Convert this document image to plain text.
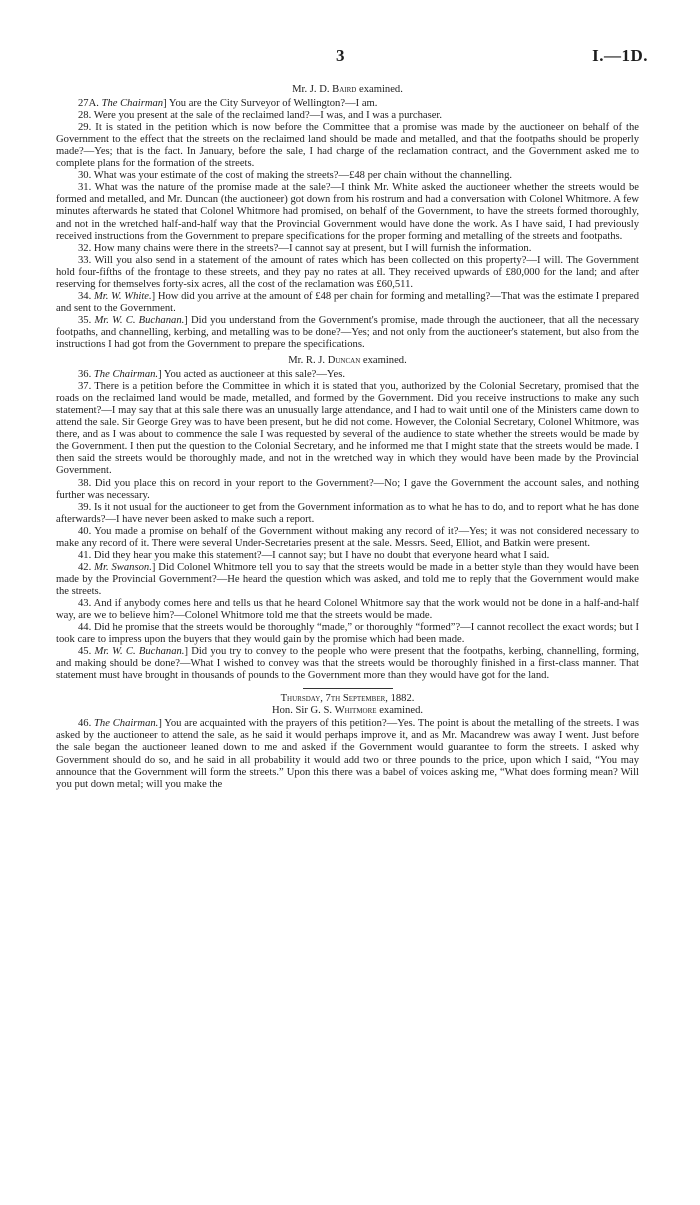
3	I.—1D.

Mr. J. D. Baird examined.

27A. The Chairman] You are the City Surveyor of Wellington?—I am.

28. Were you present at the sale of the reclaimed land?—I was, and I was a purchaser.

29. It is stated in the petition which is now before the Committee that a promise was made by the auctioneer on behalf of the Government to the effect that the streets on the reclaimed land should be made and metalled, and that the footpaths should be properly made?—Yes; that is the fact. In January, before the sale, I had charge of the reclamation contract, and the Government asked me to complete plans for the formation of the streets.

30. What was your estimate of the cost of making the streets?—£48 per chain without the channelling.

31. What was the nature of the promise made at the sale?—I think Mr. White asked the auctioneer whether the streets would be formed and metalled, and Mr. Duncan (the auctioneer) got down from his rostrum and had a conversation with Colonel Whitmore. A few minutes afterwards he stated that Colonel Whitmore had promised, on behalf of the Government, to have the streets formed thoroughly, and not in the wretched half-and-half way that the Provincial Government would have done the work. As I have said, I had previously received instructions from the Government to prepare specifications for the proper forming and metalling of the streets and footpaths.

32. How many chains were there in the streets?—I cannot say at present, but I will furnish the information.

33. Will you also send in a statement of the amount of rates which has been collected on this property?—I will. The Government hold four-fifths of the frontage to these streets, and they pay no rates at all. They received upwards of £80,000 for the land; and after reserving for themselves forty-six acres, all the cost of the reclamation was £60,511.

34. Mr. W. White.] How did you arrive at the amount of £48 per chain for forming and metalling?—That was the estimate I prepared and sent to the Government.

35. Mr. W. C. Buchanan.] Did you understand from the Government's promise, made through the auctioneer, that all the necessary footpaths, and channelling, kerbing, and metalling was to be done?—Yes; and not only from the auctioneer's statement, but also from the instructions I had got from the Government to prepare the specifications.

Mr. R. J. Duncan examined.

36. The Chairman.] You acted as auctioneer at this sale?—Yes.

37. There is a petition before the Committee in which it is stated that you, authorized by the Colonial Secretary, promised that the roads on the reclaimed land would be made, metalled, and formed by the Government. Did you receive instructions to make any such statement?—I may say that at this sale there was an unusually large attendance, and I had to wait until one of the Ministers came down to attend the sale. Sir George Grey was to have been present, but he did not come. However, the Colonial Secretary, Colonel Whitmore, was there, and as I was about to commence the sale I was requested by several of the audience to state whether the streets would be made by the Government. I then put the question to the Colonial Secretary, and he informed me that I might state that the streets would be made. I then said the streets would be thoroughly made, and not in the wretched way in which they would have been made by the Provincial Government.

38. Did you place this on record in your report to the Government?—No; I gave the Government the account sales, and nothing further was necessary.

39. Is it not usual for the auctioneer to get from the Government information as to what he has to do, and to report what he has done afterwards?—I have never been asked to make such a report.

40. You made a promise on behalf of the Government without making any record of it?—Yes; it was not considered necessary to make any record of it. There were several Under-Secretaries present at the sale. Messrs. Seed, Elliot, and Batkin were present.

41. Did they hear you make this statement?—I cannot say; but I have no doubt that everyone heard what I said.

42. Mr. Swanson.] Did Colonel Whitmore tell you to say that the streets would be made in a better style than they would have been made by the Provincial Government?—He heard the question which was asked, and told me to reply that the Government would make the streets.

43. And if anybody comes here and tells us that he heard Colonel Whitmore say that the work would not be done in a half-and-half way, are we to believe him?—Colonel Whitmore told me that the streets would be made.

44. Did he promise that the streets would be thoroughly “made,” or thoroughly “formed”?—I cannot recollect the exact words; but I took care to impress upon the buyers that they would gain by the promise which had been made.

45. Mr. W. C. Buchanan.] Did you try to convey to the people who were present that the footpaths, kerbing, channelling, forming, and making should be done?—What I wished to convey was that the streets would be thoroughly finished in a first-class manner. That statement must have brought in thousands of pounds to the Government more than they would have got for the land.

Thursday, 7th September, 1882.

Hon. Sir G. S. Whitmore examined.

46. The Chairman.] You are acquainted with the prayers of this petition?—Yes. The point is about the metalling of the streets. I was asked by the auctioneer to attend the sale, as he said it would perhaps improve it, and as Mr. Macandrew was away I went. Just before the sale began the auctioneer leaned down to me and asked if the Government would guarantee to form the streets. I asked why Government should do so, and he said in all probability it would add two or three pounds to the price, upon which I said, “You may announce that the Government will form the streets.” Upon this there was a babel of voices asking me, “What does forming mean? Will you put down metal; will you make the
